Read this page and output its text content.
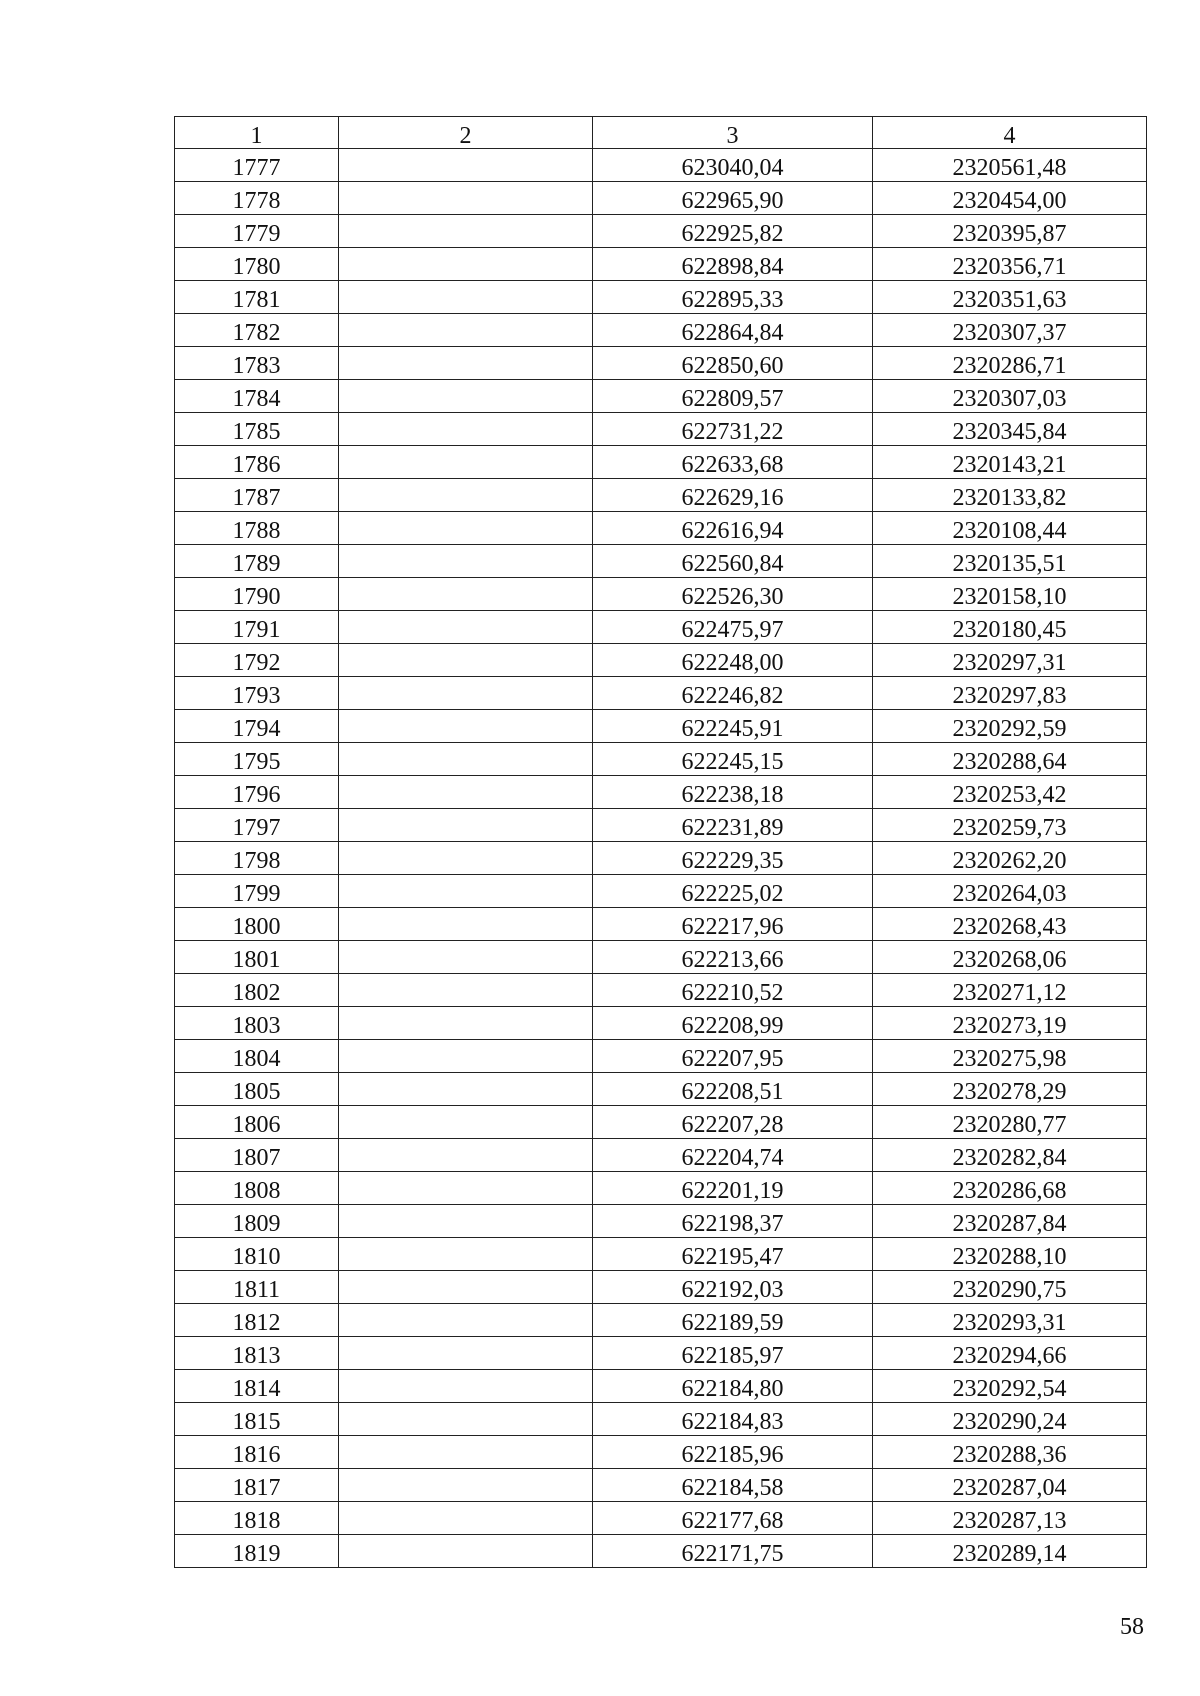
1	2	3	4
1777		623040,04	2320561,48
1778		622965,90	2320454,00
1779		622925,82	2320395,87
1780		622898,84	2320356,71
1781		622895,33	2320351,63
1782		622864,84	2320307,37
1783		622850,60	2320286,71
1784		622809,57	2320307,03
1785		622731,22	2320345,84
1786		622633,68	2320143,21
1787		622629,16	2320133,82
1788		622616,94	2320108,44
1789		622560,84	2320135,51
1790		622526,30	2320158,10
1791		622475,97	2320180,45
1792		622248,00	2320297,31
1793		622246,82	2320297,83
1794		622245,91	2320292,59
1795		622245,15	2320288,64
1796		622238,18	2320253,42
1797		622231,89	2320259,73
1798		622229,35	2320262,20
1799		622225,02	2320264,03
1800		622217,96	2320268,43
1801		622213,66	2320268,06
1802		622210,52	2320271,12
1803		622208,99	2320273,19
1804		622207,95	2320275,98
1805		622208,51	2320278,29
1806		622207,28	2320280,77
1807		622204,74	2320282,84
1808		622201,19	2320286,68
1809		622198,37	2320287,84
1810		622195,47	2320288,10
1811		622192,03	2320290,75
1812		622189,59	2320293,31
1813		622185,97	2320294,66
1814		622184,80	2320292,54
1815		622184,83	2320290,24
1816		622185,96	2320288,36
1817		622184,58	2320287,04
1818		622177,68	2320287,13
1819		622171,75	2320289,14
58
